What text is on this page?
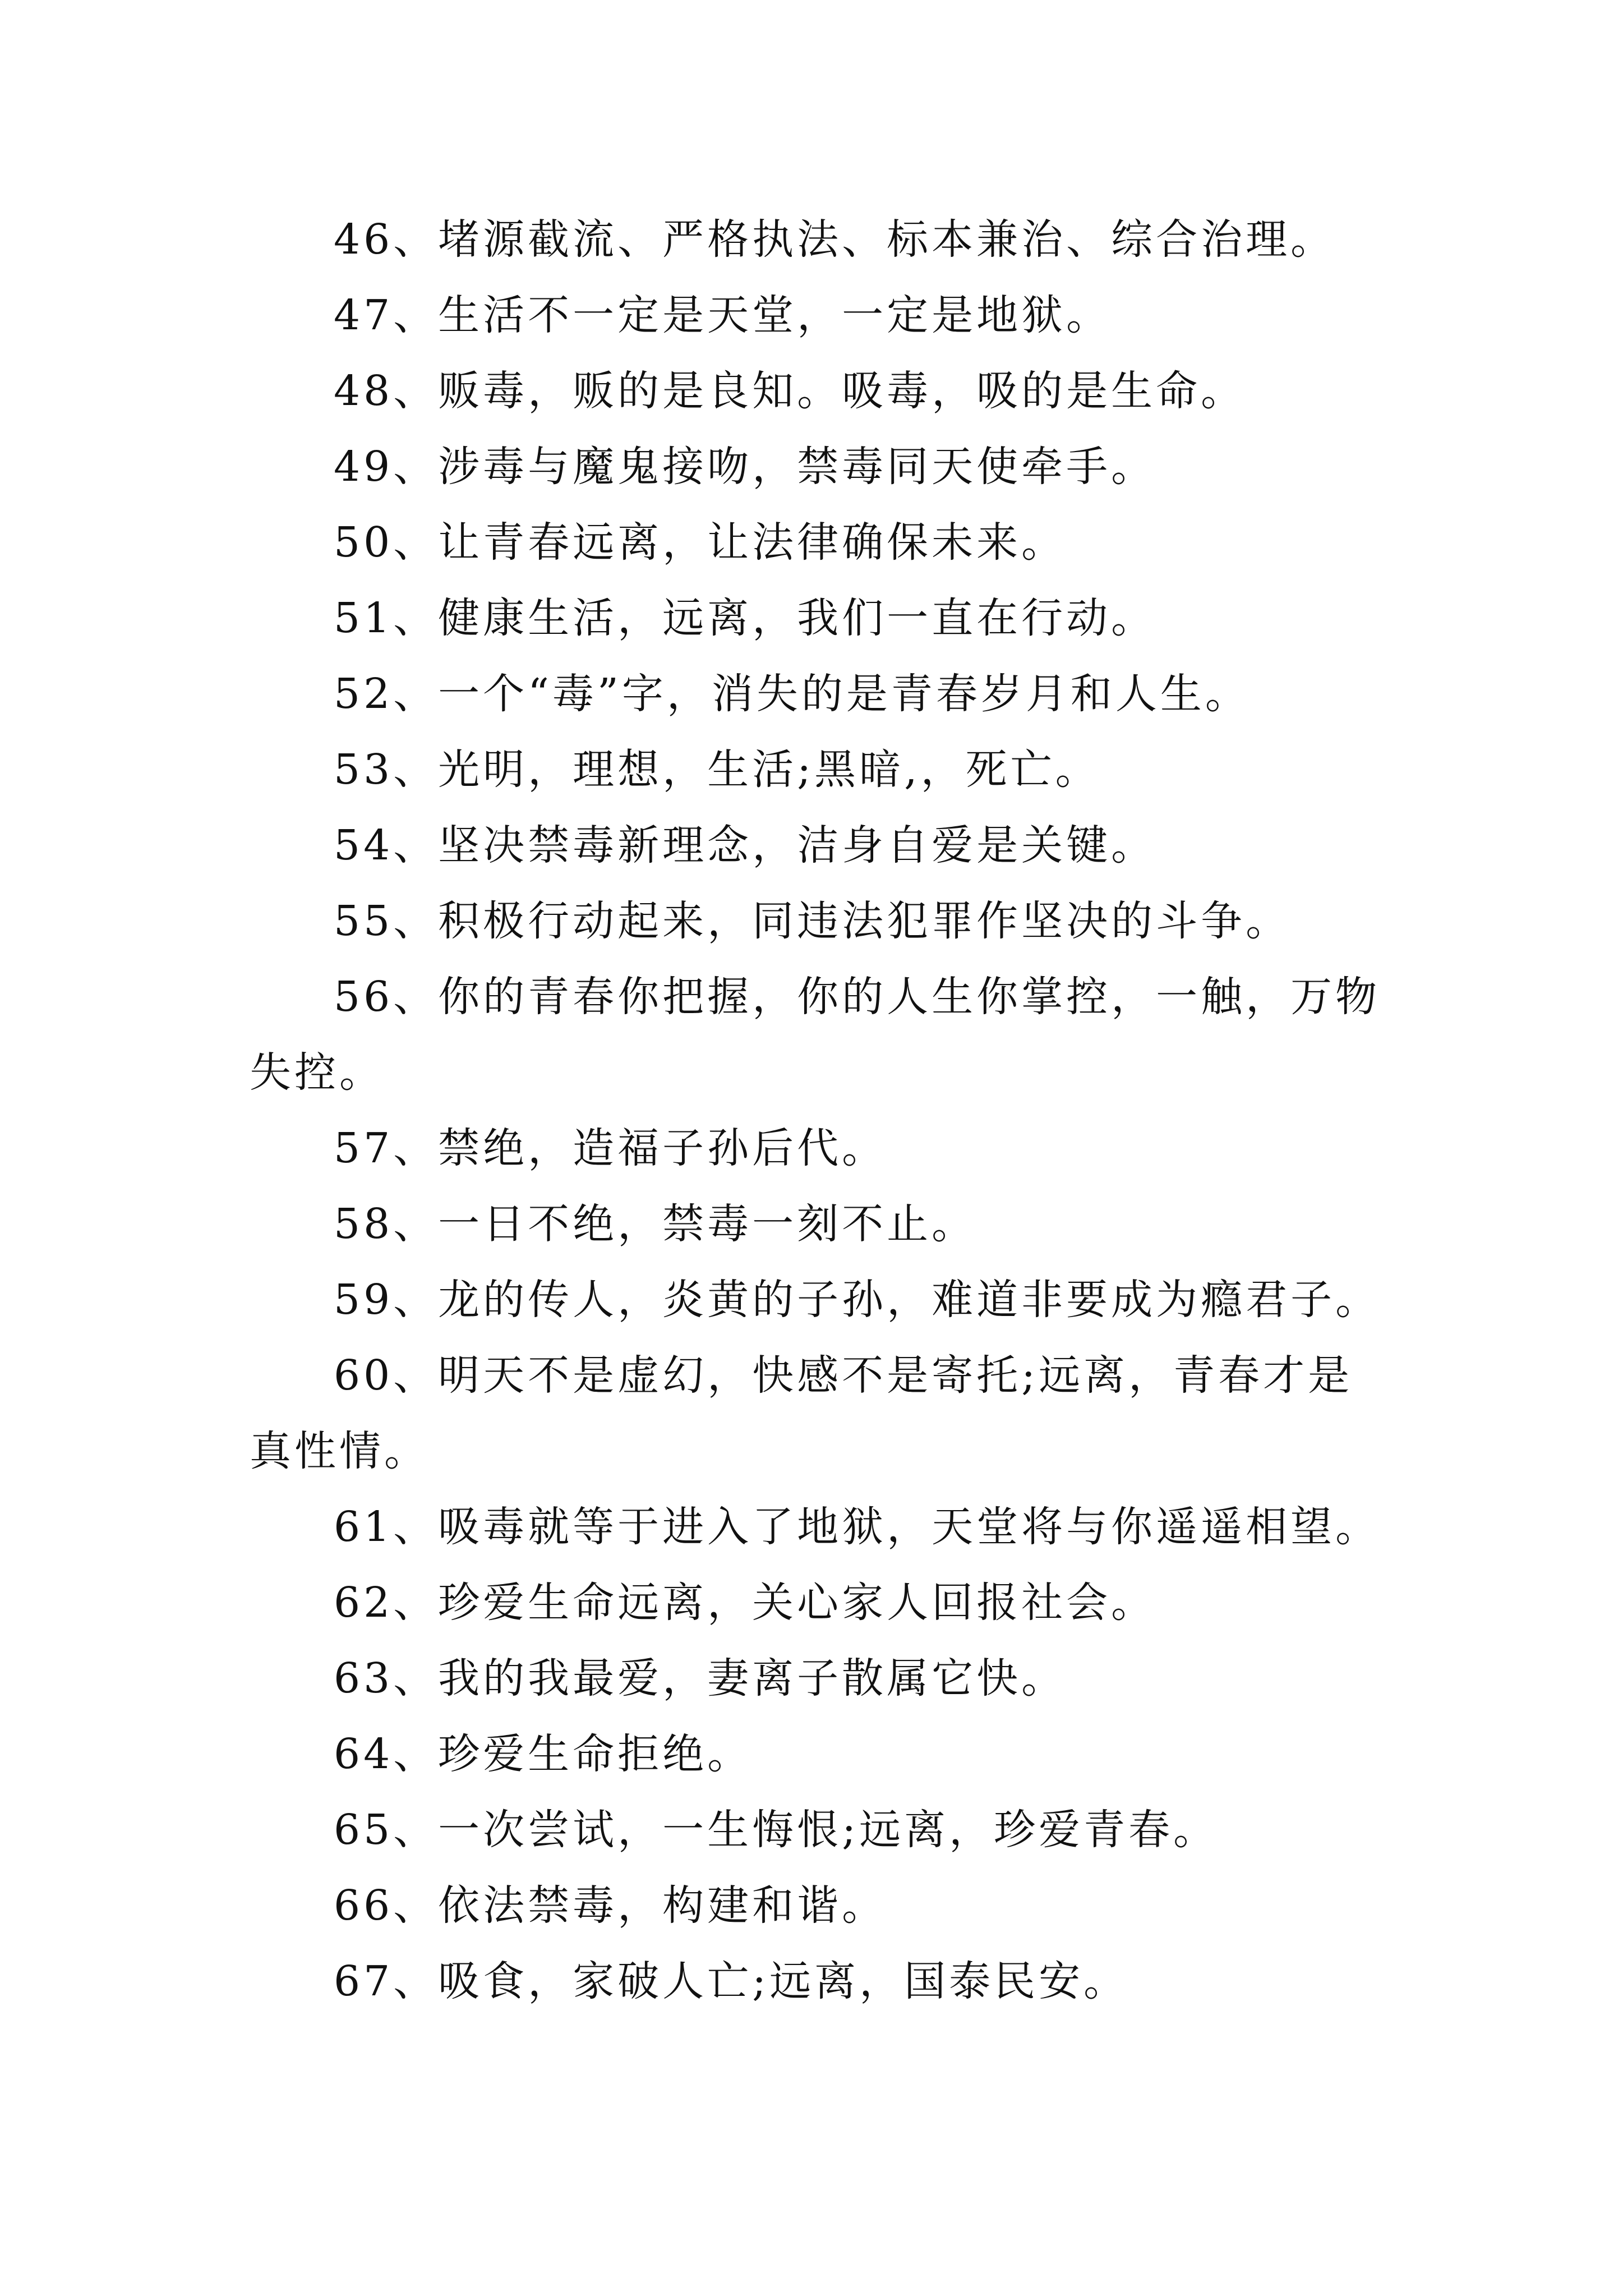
46、堵源截流、严格执法、标本兼治、综合治理。

47、生活不一定是天堂，一定是地狱。

48、贩毒，贩的是良知。吸毒，吸的是生命。

49、涉毒与魔鬼接吻，禁毒同天使牵手。

50、让青春远离，让法律确保未来。

51、健康生活，远离，我们一直在行动。

52、一个“毒”字，消失的是青春岁月和人生。

53、光明，理想，生活;黑暗,，死亡。

54、坚决禁毒新理念，洁身自爱是关键。

55、积极行动起来，同违法犯罪作坚决的斗争。

56、你的青春你把握，你的人生你掌控，一触，万物失控。

57、禁绝，造福子孙后代。

58、一日不绝，禁毒一刻不止。

59、龙的传人，炎黄的子孙，难道非要成为瘾君子。

60、明天不是虚幻，快感不是寄托;远离，青春才是真性情。

61、吸毒就等于进入了地狱，天堂将与你遥遥相望。

62、珍爱生命远离，关心家人回报社会。

63、我的我最爱，妻离子散属它快。

64、珍爱生命拒绝。

65、一次尝试，一生悔恨;远离，珍爱青春。

66、依法禁毒，构建和谐。

67、吸食，家破人亡;远离，国泰民安。
